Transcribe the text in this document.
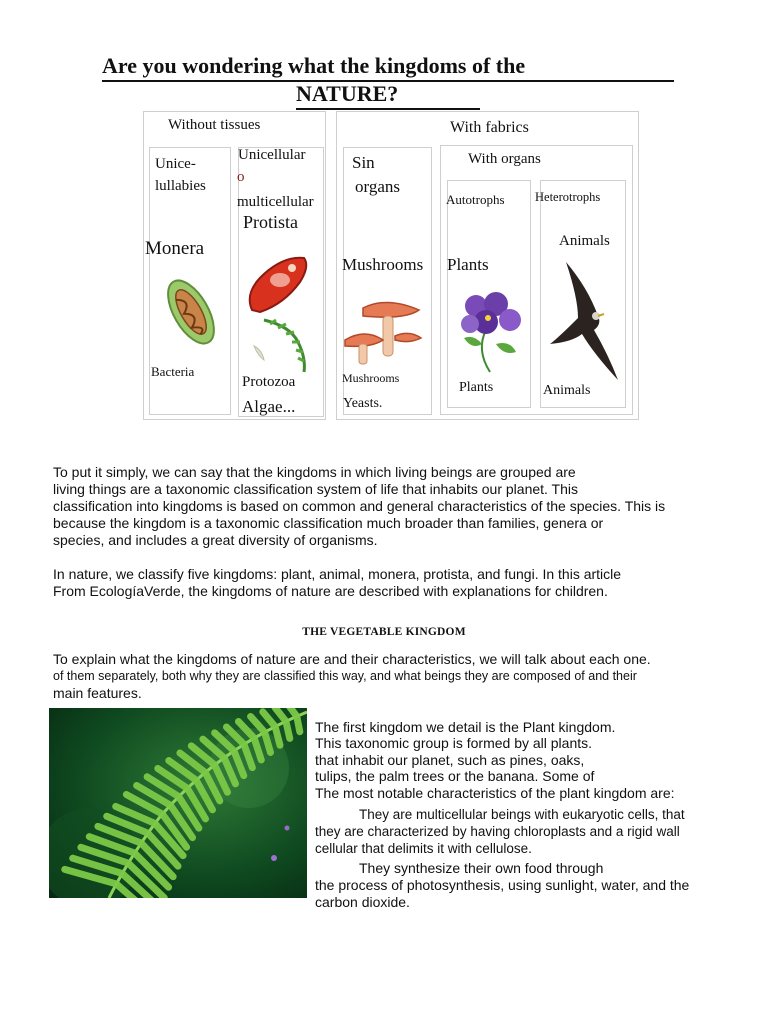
Are you wondering what the kingdoms of the
NATURE?
Without tissues	With fabrics
Unice-
lullabies
Unicellular
o
multicellular
Protista
Monera
Sin
organs
With organs
Autotrophs Heterotrophs
Mushrooms Plants
Animals
Bacteria
Protozoa
Algae...
Mushrooms
Yeasts.
Plants	Animals
To put it simply, we can say that the kingdoms in which living beings are grouped are
living things are a taxonomic classification system of life that inhabits our planet. This
classification into kingdoms is based on common and general characteristics of the species. This is
because the kingdom is a taxonomic classification much broader than families, genera or
species, and includes a great diversity of organisms.
In nature, we classify five kingdoms: plant, animal, monera, protista, and fungi. In this article
From EcologíaVerde, the kingdoms of nature are described with explanations for children.
THE VEGETABLE KINGDOM
To explain what the kingdoms of nature are and their characteristics, we will talk about each one.
of them separately, both why they are classified this way, and what beings they are composed of and their
main features.
The first kingdom we detail is the Plant kingdom.
This taxonomic group is formed by all plants.
that inhabit our planet, such as pines, oaks,
tulips, the palm trees or the banana. Some of
The most notable characteristics of the plant kingdom are:
They are multicellular beings with eukaryotic cells, that
they are characterized by having chloroplasts and a rigid wall
cellular that delimits it with cellulose.
They synthesize their own food through
the process of photosynthesis, using sunlight, water, and the
carbon dioxide.
